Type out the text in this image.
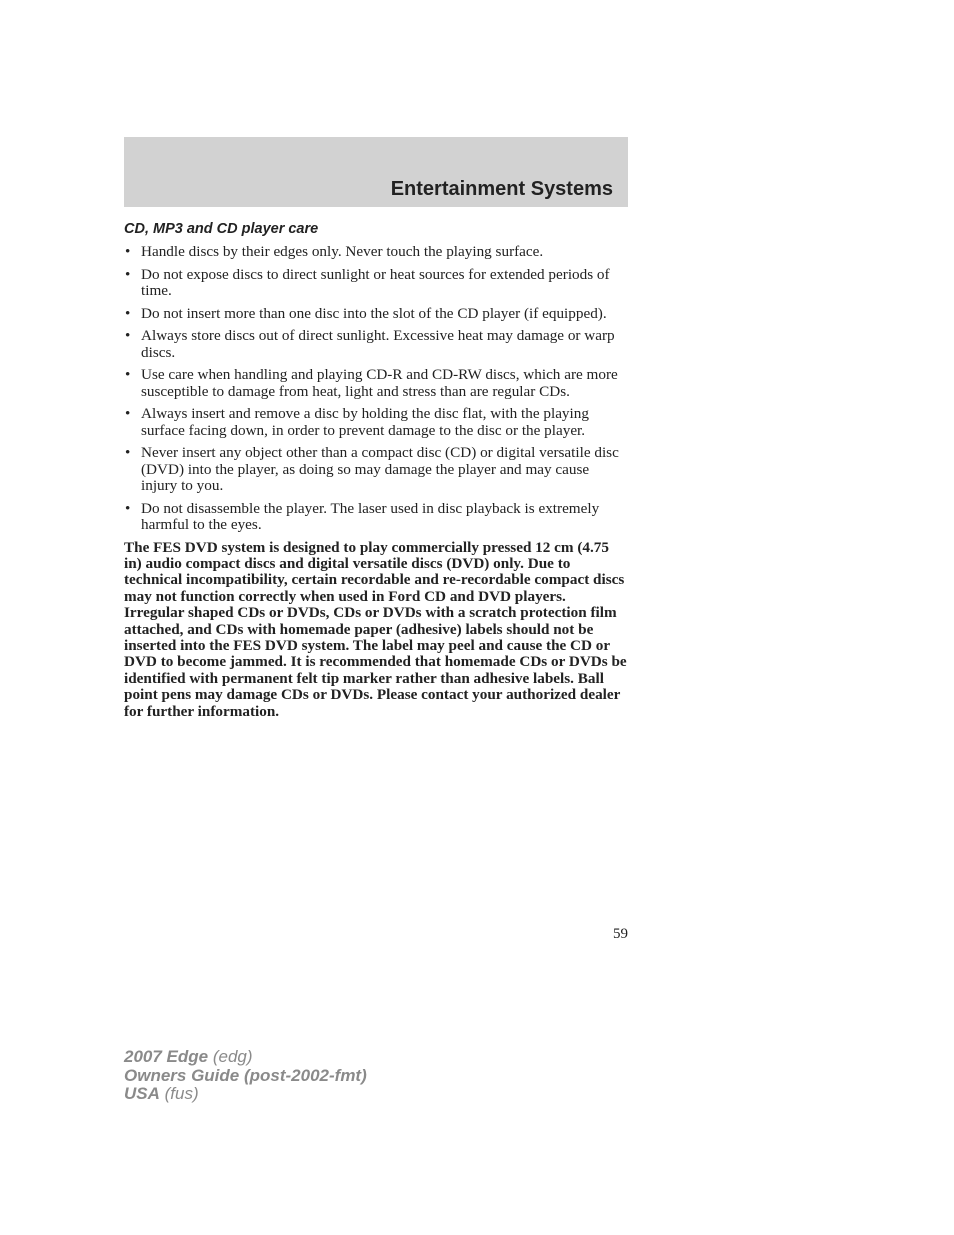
Entertainment Systems
CD, MP3 and CD player care
• Handle discs by their edges only. Never touch the playing surface.
• Do not expose discs to direct sunlight or heat sources for extended periods of time.
• Do not insert more than one disc into the slot of the CD player (if equipped).
• Always store discs out of direct sunlight. Excessive heat may damage or warp discs.
• Use care when handling and playing CD-R and CD-RW discs, which are more susceptible to damage from heat, light and stress than are regular CDs.
• Always insert and remove a disc by holding the disc flat, with the playing surface facing down, in order to prevent damage to the disc or the player.
• Never insert any object other than a compact disc (CD) or digital versatile disc (DVD) into the player, as doing so may damage the player and may cause injury to you.
• Do not disassemble the player. The laser used in disc playback is extremely harmful to the eyes.

The FES DVD system is designed to play commercially pressed 12 cm (4.75 in) audio compact discs and digital versatile discs (DVD) only. Due to technical incompatibility, certain recordable and re-recordable compact discs may not function correctly when used in Ford CD and DVD players. Irregular shaped CDs or DVDs, CDs or DVDs with a scratch protection film attached, and CDs with homemade paper (adhesive) labels should not be inserted into the FES DVD system. The label may peel and cause the CD or DVD to become jammed. It is recommended that homemade CDs or DVDs be identified with permanent felt tip marker rather than adhesive labels. Ball point pens may damage CDs or DVDs. Please contact your authorized dealer for further information.

59
2007 Edge (edg)
Owners Guide (post-2002-fmt)
USA (fus)
